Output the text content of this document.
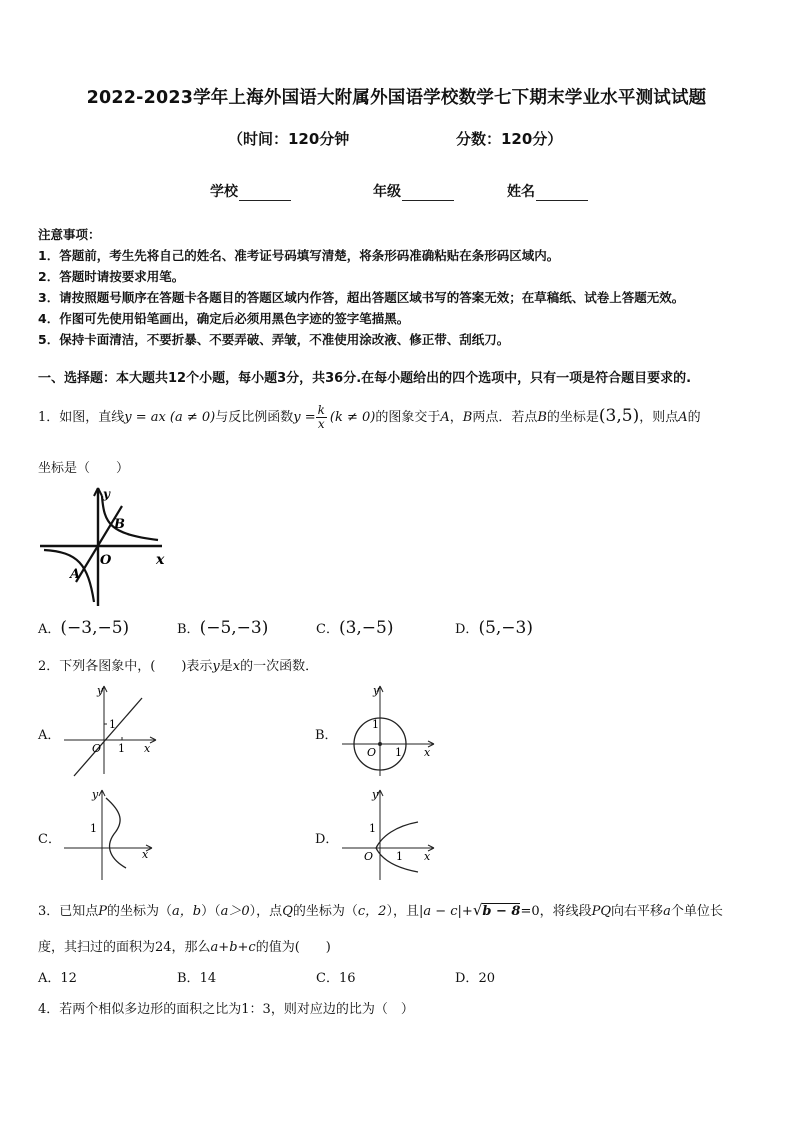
2022-2023学年上海外国语大附属外国语学校数学七下期末学业水平测试试题
（时间：120分钟	分数：120分）
学校	年级	姓名
注意事项：
1．答题前，考生先将自己的姓名、准考证号码填写清楚，将条形码准确粘贴在条形码区域内。
2．答题时请按要求用笔。
3．请按照题号顺序在答题卡各题目的答题区域内作答，超出答题区域书写的答案无效；在草稿纸、试卷上答题无效。
4．作图可先使用铅笔画出，确定后必须用黑色字迹的签字笔描黑。
5．保持卡面清洁，不要折暴、不要弄破、弄皱，不准使用涂改液、修正带、刮纸刀。
一、选择题：本大题共12个小题，每小题3分，共36分.在每小题给出的四个选项中，只有一项是符合题目要求的.
1．如图，直线y = ax (a ≠ 0)与反比例函数$y = \frac{k}{x} (k \ne 0)$的图象交于A，B两点．若点B的坐标是(3,5)，则点A的
坐标是（　　）
y
x
O
B
A
A．(−3,−5)	B．(−5,−3)	C．(3,−5)	D．(5,−3)
2．下列各图象中，(　　)表示y是x的一次函数．
A．
y
x
O
1
1
B．
y
x
O
1
1
C．
y
x
1
D．
y
x
O
1
1
3．已知点P的坐标为（a，b）（a＞0），点Q的坐标为（c，2），且|a − c|+√b − 8=0，将线段PQ向右平移a个单位长
度，其扫过的面积为24，那么a+b+c的值为(　　)
A．12	B．14	C．16	D．20
4．若两个相似多边形的面积之比为1：3，则对应边的比为（　）
